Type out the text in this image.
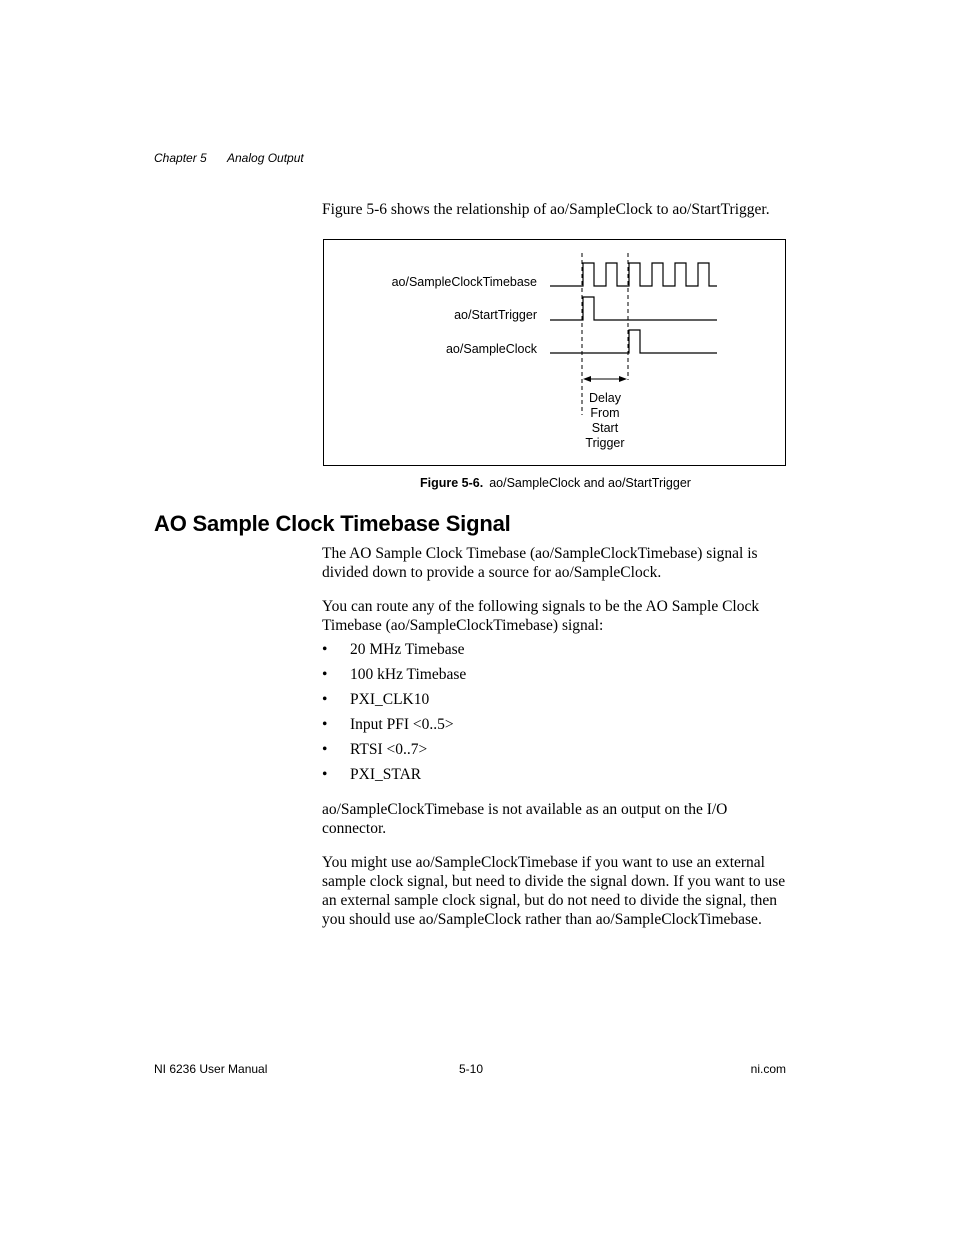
Chapter 5 Analog Output
Figure 5-6 shows the relationship of ao/SampleClock to ao/StartTrigger.
ao/SampleClockTimebase
ao/StartTrigger
ao/SampleClock
Delay
From
Start
Trigger
Figure 5-6. ao/SampleClock and ao/StartTrigger
AO Sample Clock Timebase Signal
The AO Sample Clock Timebase (ao/SampleClockTimebase) signal is divided down to provide a source for ao/SampleClock.
You can route any of the following signals to be the AO Sample Clock Timebase (ao/SampleClockTimebase) signal:
• 20 MHz Timebase
• 100 kHz Timebase
• PXI_CLK10
• Input PFI <0..5>
• RTSI <0..7>
• PXI_STAR
ao/SampleClockTimebase is not available as an output on the I/O connector.
You might use ao/SampleClockTimebase if you want to use an external sample clock signal, but need to divide the signal down. If you want to use an external sample clock signal, but do not need to divide the signal, then you should use ao/SampleClock rather than ao/SampleClockTimebase.
NI 6236 User Manual	5-10	ni.com
